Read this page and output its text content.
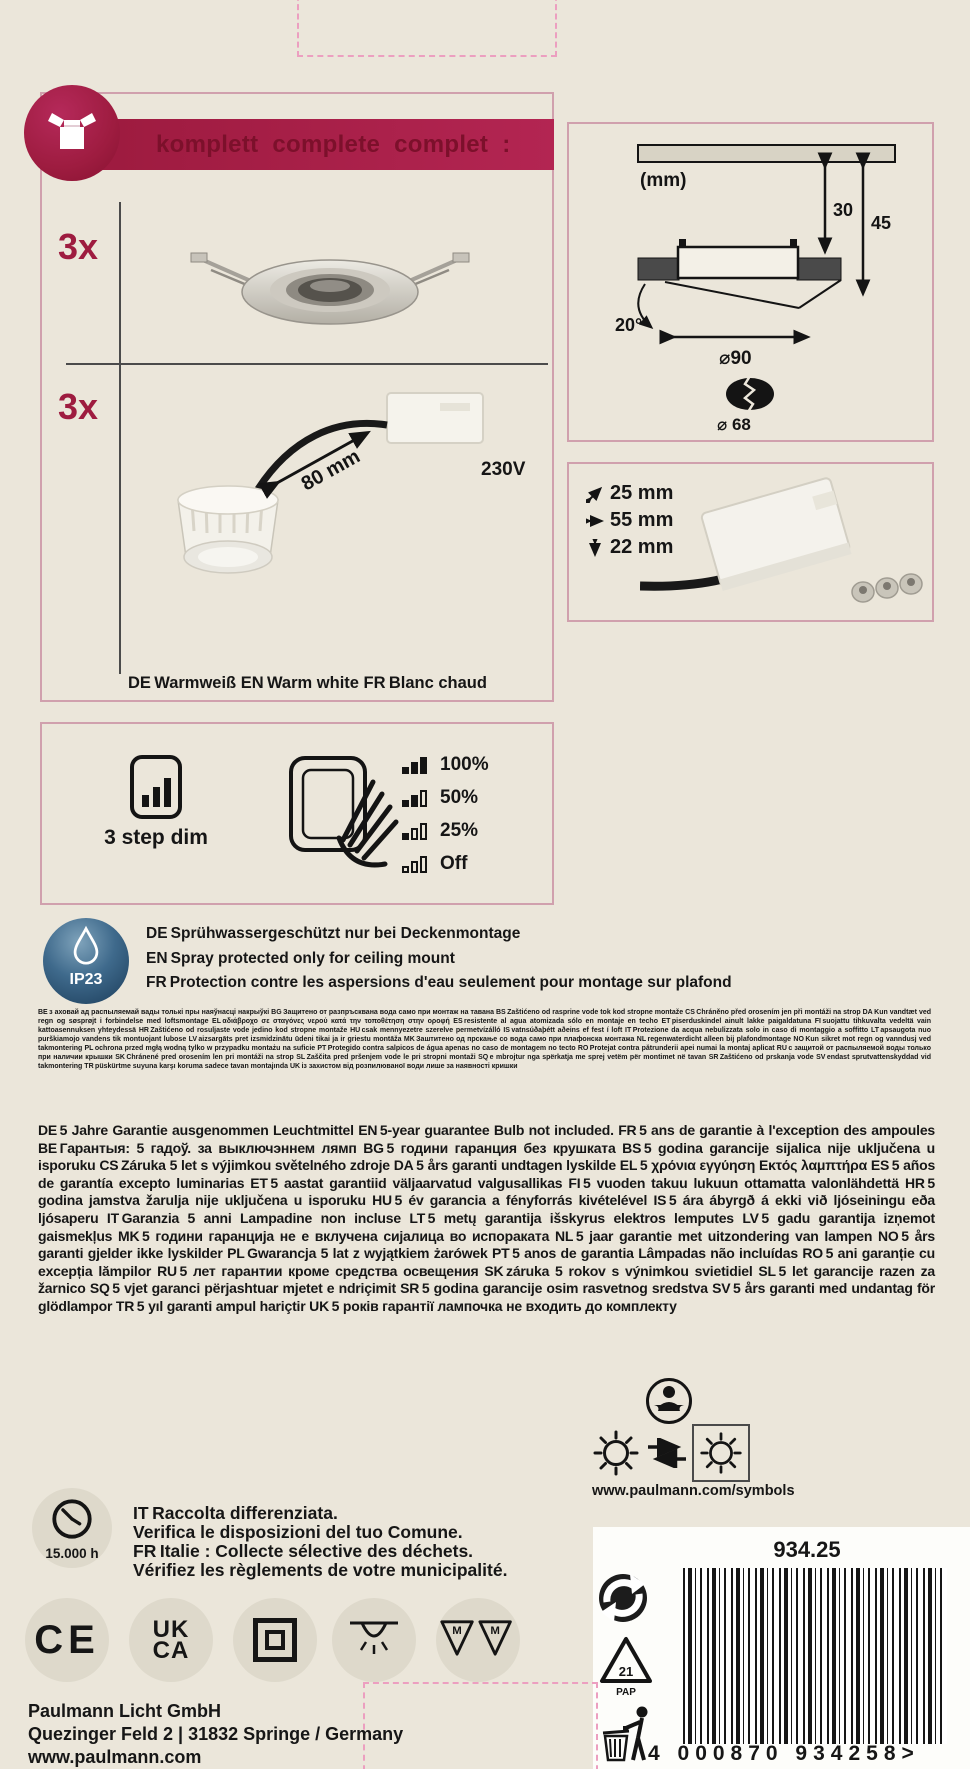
komplett complete complet :
3x
3x
80 mm	230V
DE  Warmweiß EN  Warm white FR  Blanc chaud
(mm)
30
45
20°
⌀90
⌀ 68
25 mm
55 mm
22 mm
3 step dim
100%
50%
25%
Off
IP23
DE  Sprühwassergeschützt nur bei Deckenmontage
EN  Spray protected only for ceiling mount
FR  Protection contre les aspersions d'eau seulement pour montage sur plafond
BE з аховай ад распыляемай вады толькі пры наяўнасці накрыўкі BG Защитено от разпръсквана вода само при монтаж на тавана BS Zaštićeno od rasprine vode tok kod stropne montaže CS Chráněno před orosením jen při montáži na strop DA Kun vandtæt ved regn og søsprøjt i forbindelse med loftsmontage EL αδιάβροχο σε σταγόνες νερού κατά την τοποθέτηση στην οροφή ES resistente al agua atomizada sólo en montaje en techo ET piserduskindel ainult lakke paigaldatuna FI suojattu tihkuvalta vedeltä vain kattoasennuksen yhteydessä HR Zaštićeno od rosuljaste vode jedino kod stropne montaže HU csak mennyezetre szerelve permetvízálló IS vatnsúðaþétt aðeins ef fest í loft IT Protezione da acqua nebulizzata solo in caso di montaggio a soffitto LT apsaugota nuo purškiamojo vandens tik montuojant lubose LV aizsargāts pret izsmidzinātu ūdeni tikai ja ir griestu montāža MK Заштитено од прскање со вода само при плафонска монтажа NL regenwaterdicht alleen bij plafondmontage NO Kun sikret mot regn og vanndusj ved takmontering PL ochrona przed mgłą wodną tylko w przypadku montażu na suficie PT Protegido contra salpicos de água apenas no caso de montagem no tecto RO Protejat contra pătrunderii apei numai la montaj aplicat RU с защитой от распыляемой воды только при наличии крышки SK Chránené pred orosením len pri montáži na strop SL Zaščita pred pršenjem vode le pri stropni montaži SQ e mbrojtur nga spërkatja me sprej vetëm për montimet në tavan SR Zaštićeno od prskanja vode SV endast sprutvattenskyddad vid takmontering TR püskürtme suyuna karşı koruma sadece tavan montajında UK із захистом від розпилюваної води лише за наявності кришки
DE  5 Jahre Garantie ausgenommen Leuchtmittel EN  5-year guarantee Bulb not included. FR  5 ans de garantie à l'exception des ampoules BE  Гарантыя: 5 гадоў. за выключэннем лямп BG  5 години гаранция без крушката BS  5 godina garancije sijalica nije uključena u isporuku CS  Záruka 5 let s výjimkou světelného zdroje DA  5 års garanti undtagen lyskilde EL  5 χρόνια εγγύηση Εκτός λαμπτήρα ES  5 años de garantía excepto luminarias ET  5 aastat garantiid väljaarvatud valgusallikas FI  5 vuoden takuu lukuun ottamatta valonlähdettä HR  5 godina jamstva žarulja nije uključena u isporuku HU  5 év garancia a fényforrás kivételével IS  5 ára ábyrgð á ekki við ljóseiningu eða ljósaperu IT  Garanzia 5 anni Lampadine non incluse LT  5 metų garantija išskyrus elektros lemputes LV  5 gadu garantija izņemot gaismekļus MK  5 години гаранција не е вклучена сијалица во испораката NL  5 jaar garantie met uitzondering van lampen NO  5 års garanti gjelder ikke lyskilder PL  Gwarancja 5 lat z wyjątkiem żarówek PT  5 anos de garantia Lâmpadas não incluídas RO  5 ani garanție cu excepția lămpilor RU  5 лет гарантии кроме средства освещения SK  záruka 5 rokov s výnimkou svietidiel SL  5 let garancije razen za žarnico SQ  5 vjet garanci përjashtuar mjetet e ndriçimit SR  5 godina garancije osim rasvetnog sredstva SV  5 års garanti med undantag för glödlampor TR  5 yıl garanti ampul hariçtir UK  5 років гарантії лампочка не входить до комплекту
www.paulmann.com/symbols
15.000 h
IT  Raccolta differenziata.
Verifica le disposizioni del tuo Comune.
FR  Italie : Collecte sélective des déchets.
Vérifiez les règlements de votre municipalité.
CE UK
CA
M M
934.25
21
PAP
4 000870 934258>
Paulmann Licht GmbH
Quezinger Feld 2 | 31832 Springe / Germany
www.paulmann.com
